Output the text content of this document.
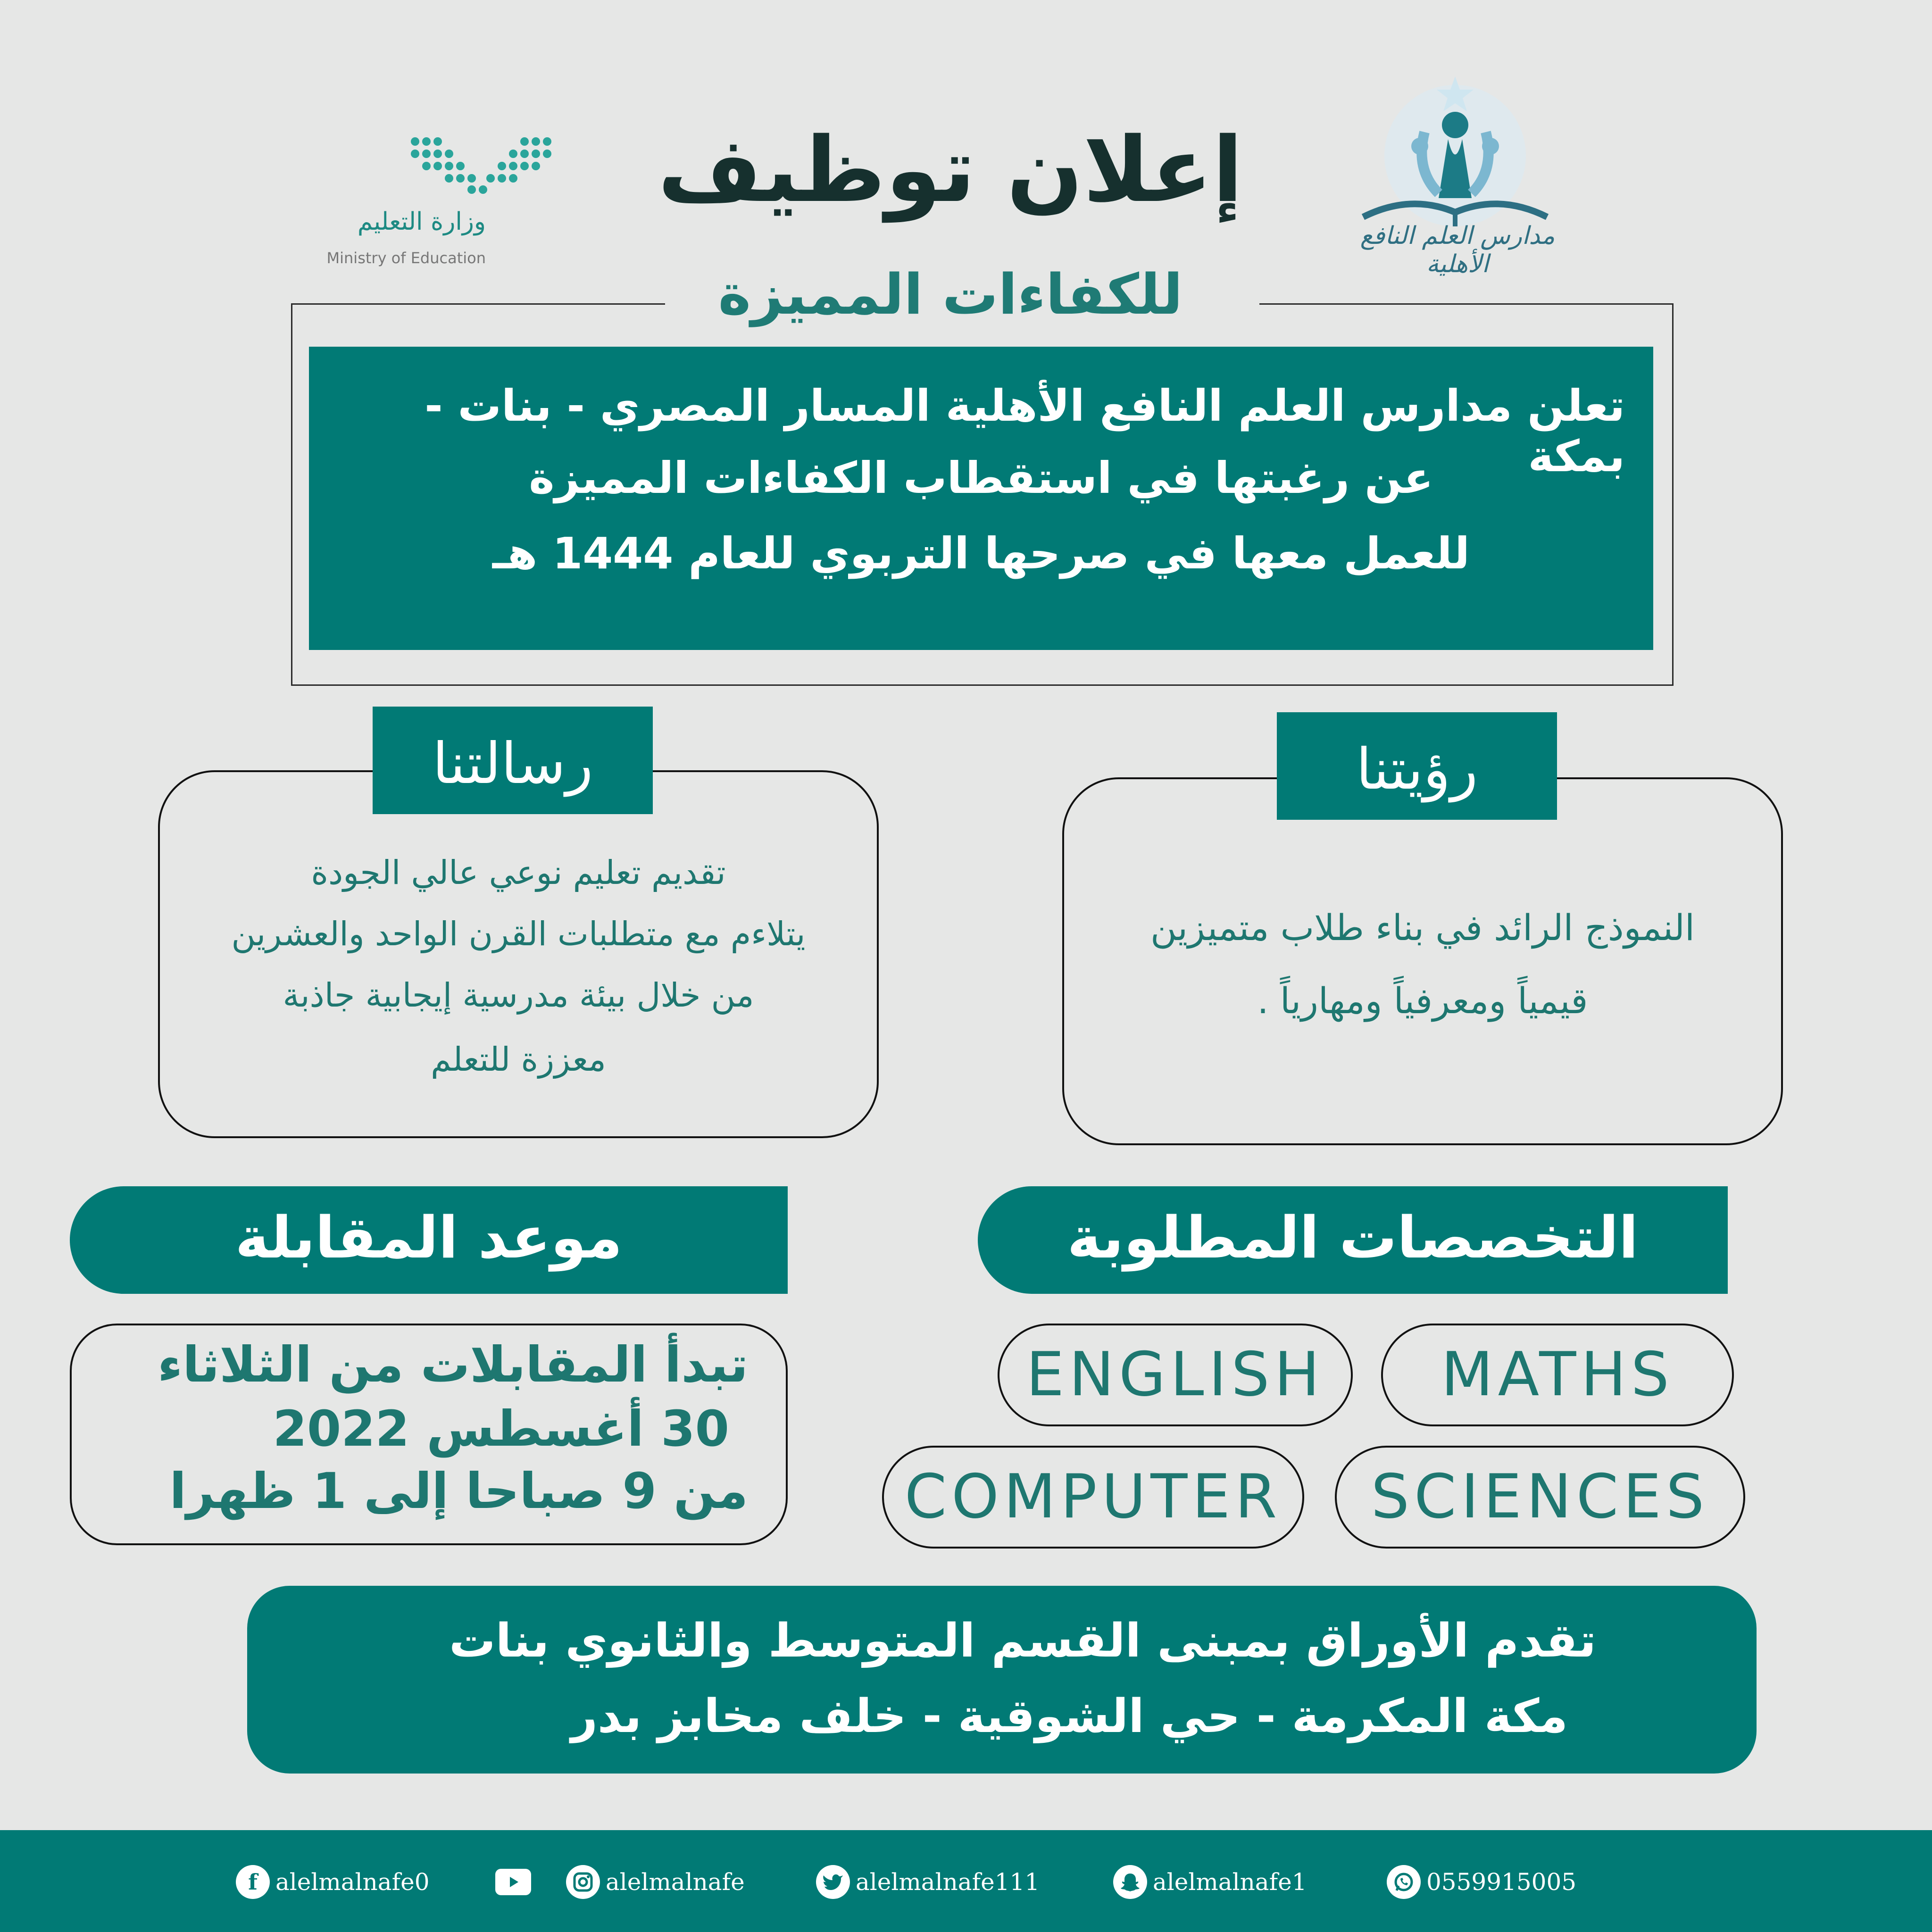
إعلان توظيف
للكفاءات المميزة
مدارس العلم النافع الأهلية
وزارة التعليم
Ministry of Education
تعلن مدارس العلم النافع الأهلية المسار المصري - بنات - بمكة
عن رغبتها في استقطاب الكفاءات المميزة
للعمل معها في صرحها التربوي للعام 1444 هـ
تقديم تعليم نوعي عالي الجودة
يتلاءم مع متطلبات القرن الواحد والعشرين
من خلال بيئة مدرسية إيجابية جاذبة
معززة للتعلم
رسالتنا
النموذج الرائد في بناء طلاب متميزين
قيمياً ومعرفياً ومهارياً .
رؤيتنا
التخصصات المطلوبة
موعد المقابلة
تبدأ المقابلات من الثلاثاء
30 أغسطس 2022
من 9 صباحا إلى 1 ظهرا
MATHS
ENGLISH
SCIENCES
COMPUTER
تقدم الأوراق بمبنى القسم المتوسط والثانوي بنات
مكة المكرمة - حي الشوقية - خلف مخابز بدر
f alelmalnafe0	alelmalnafe	alelmalnafe111	alelmalnafe1	0559915005
